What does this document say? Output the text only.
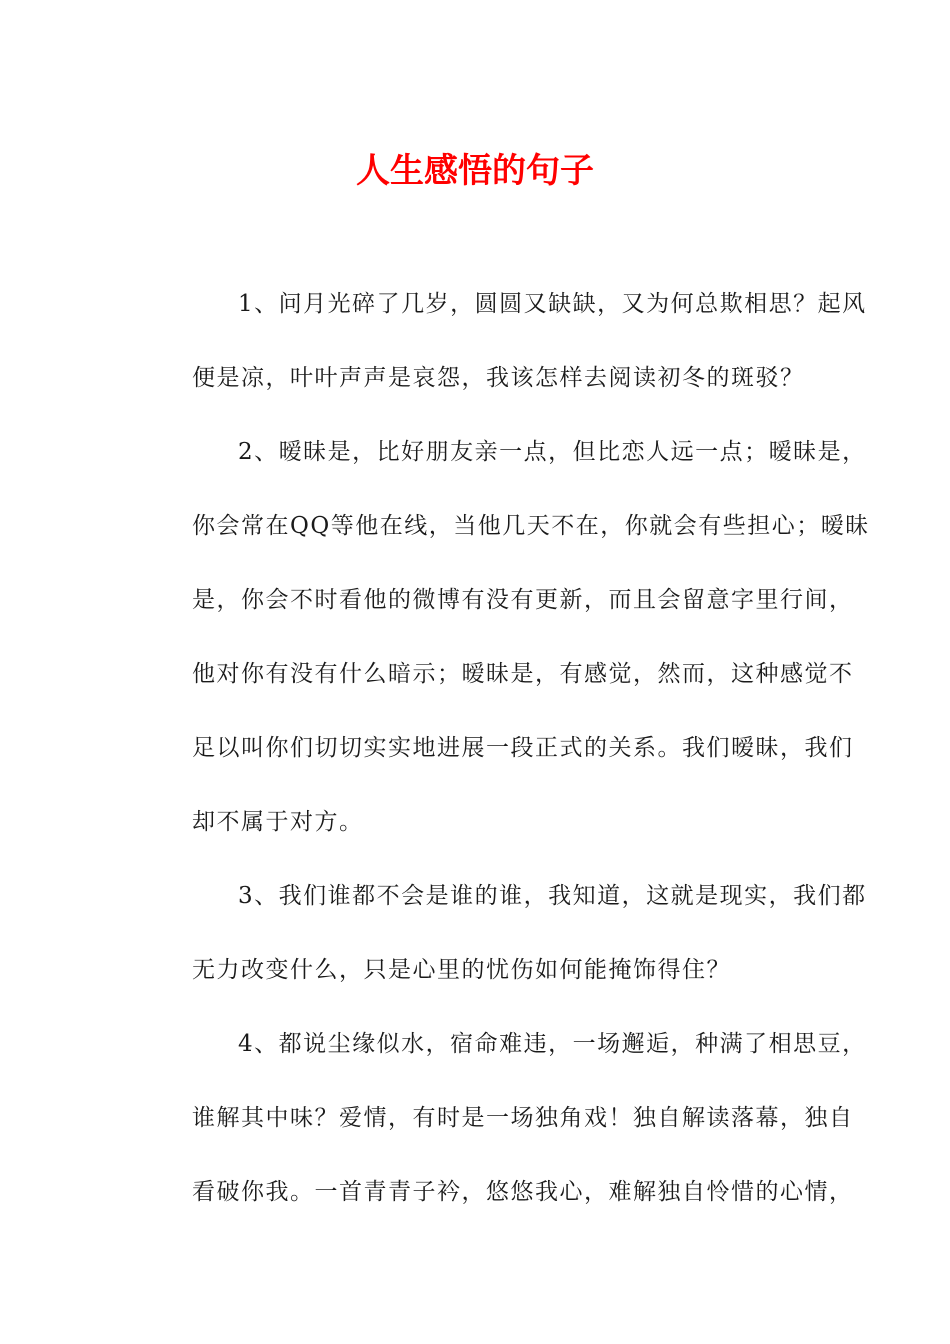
人生感悟的句子
1、问月光碎了几岁，圆圆又缺缺，又为何总欺相思？起风
便是凉，叶叶声声是哀怨，我该怎样去阅读初冬的斑驳？
2、暧昧是，比好朋友亲一点，但比恋人远一点；暧昧是，
你会常在QQ等他在线，当他几天不在，你就会有些担心；暧昧
是，你会不时看他的微博有没有更新，而且会留意字里行间，
他对你有没有什么暗示；暧昧是，有感觉，然而，这种感觉不
足以叫你们切切实实地进展一段正式的关系。我们暧昧，我们
却不属于对方。
3、我们谁都不会是谁的谁，我知道，这就是现实，我们都
无力改变什么，只是心里的忧伤如何能掩饰得住？
4、都说尘缘似水，宿命难违，一场邂逅，种满了相思豆，
谁解其中味？爱情，有时是一场独角戏！独自解读落幕，独自
看破你我。一首青青子衿，悠悠我心，难解独自怜惜的心情，
